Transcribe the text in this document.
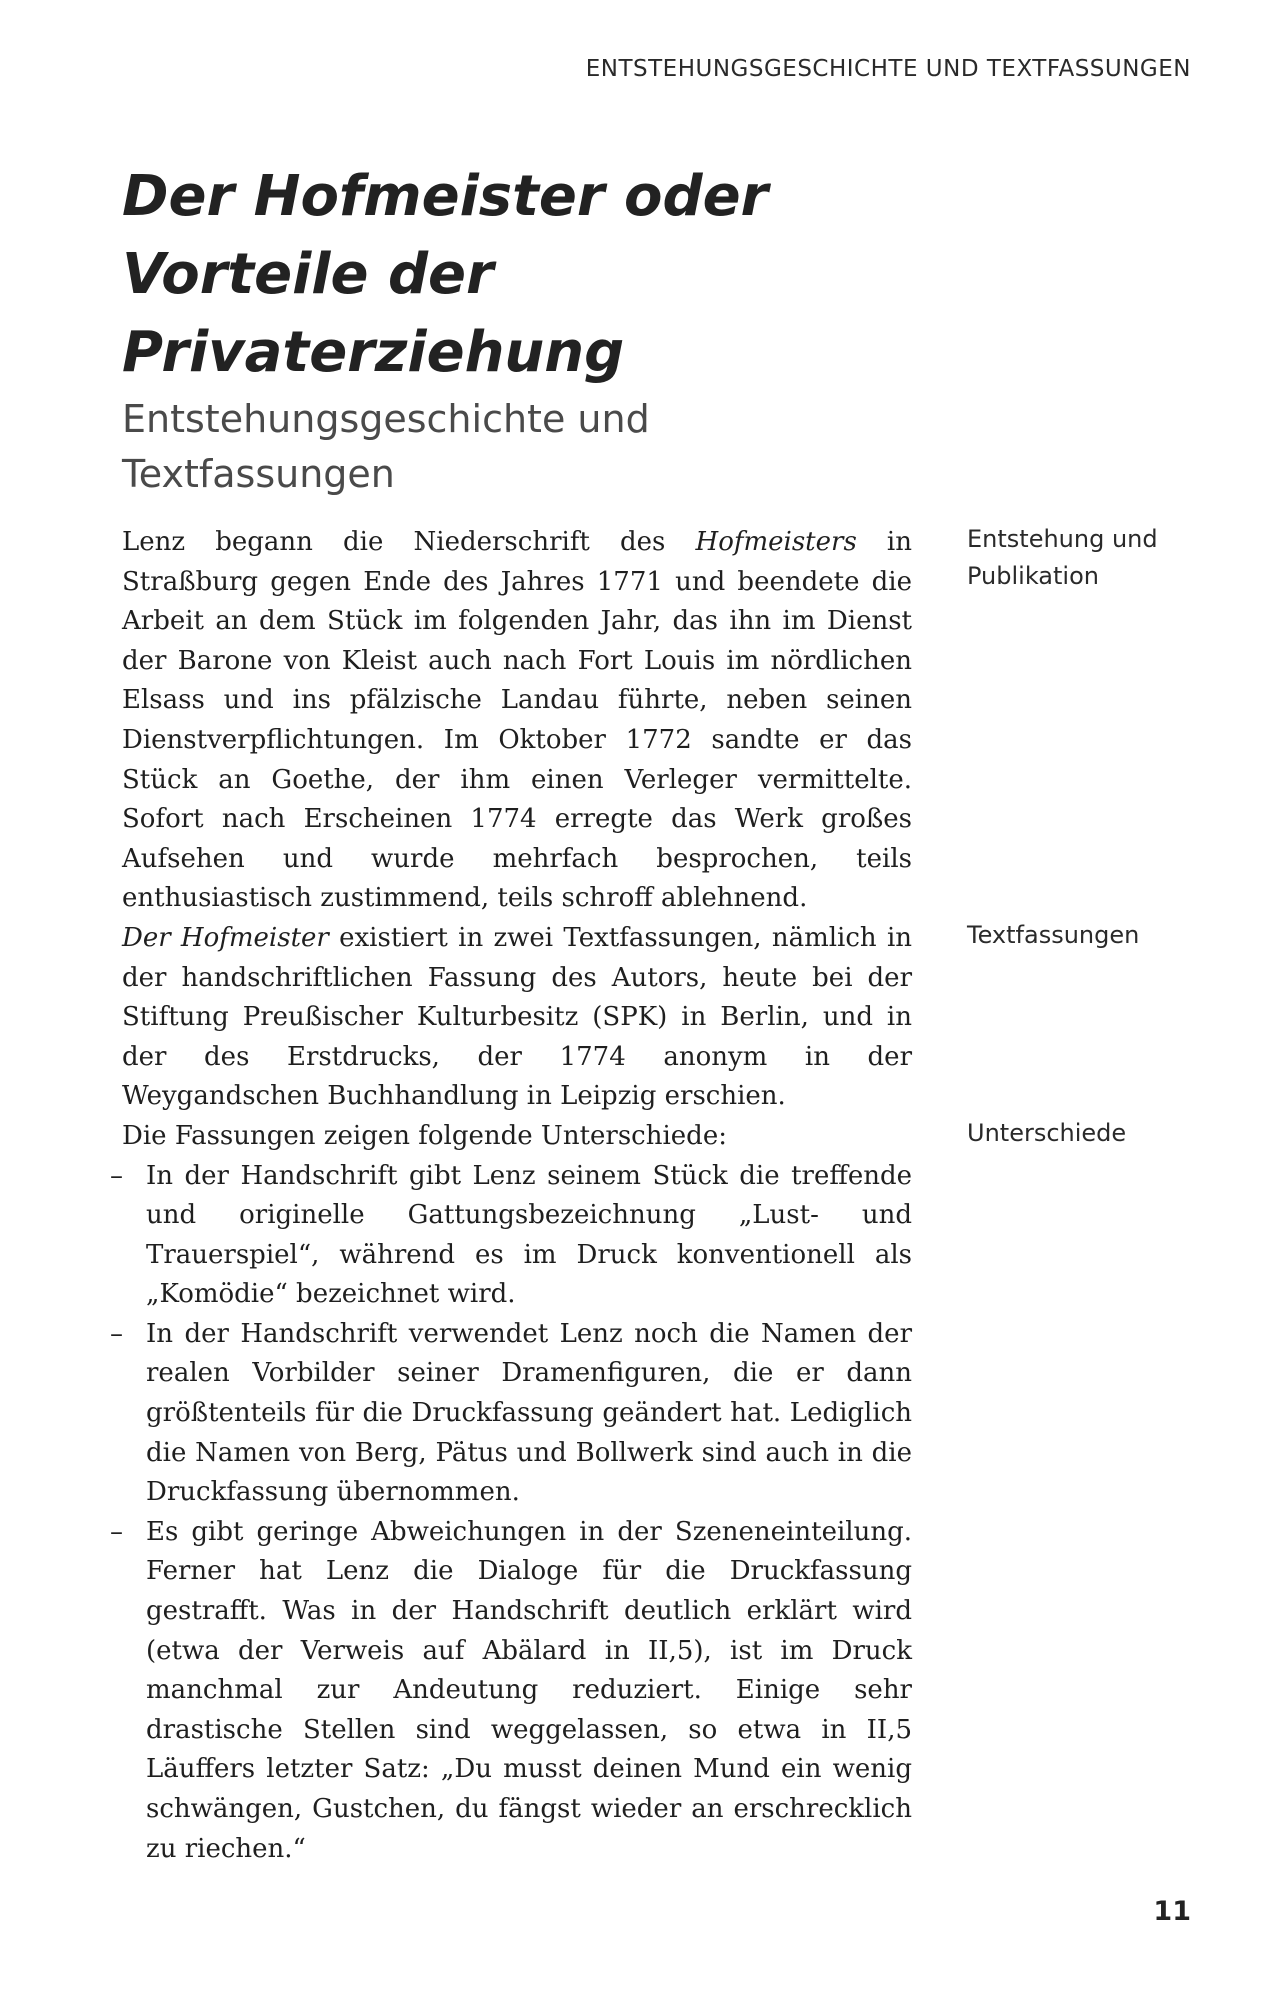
ENTSTEHUNGSGESCHICHTE UND TEXTFASSUNGEN
Der Hofmeister oder Vorteile der Privaterziehung
Entstehungsgeschichte und Textfassungen

Lenz begann die Niederschrift des Hofmeisters in Straßburg gegen Ende des Jahres 1771 und beendete die Arbeit an dem Stück im folgenden Jahr, das ihn im Dienst der Barone von Kleist auch nach Fort Louis im nördlichen Elsass und ins pfälzische Landau führte, neben seinen Dienstverpflichtungen. Im Oktober 1772 sandte er das Stück an Goethe, der ihm einen Verleger vermittelte. Sofort nach Erscheinen 1774 erregte das Werk großes Aufsehen und wurde mehrfach besprochen, teils enthusiastisch zustimmend, teils schroff ablehnend.

Der Hofmeister existiert in zwei Textfassungen, nämlich in der handschriftlichen Fassung des Autors, heute bei der Stiftung Preußischer Kulturbesitz (SPK) in Berlin, und in der des Erstdrucks, der 1774 anonym in der Weygandschen Buchhandlung in Leipzig erschien.

Die Fassungen zeigen folgende Unterschiede:

– In der Handschrift gibt Lenz seinem Stück die treffende und originelle Gattungsbezeichnung „Lust- und Trauerspiel“, während es im Druck konventionell als „Komödie“ bezeichnet wird.
– In der Handschrift verwendet Lenz noch die Namen der realen Vorbilder seiner Dramenfiguren, die er dann größtenteils für die Druckfassung geändert hat. Lediglich die Namen von Berg, Pätus und Bollwerk sind auch in die Druckfassung übernommen.
– Es gibt geringe Abweichungen in der Szeneneinteilung. Ferner hat Lenz die Dialoge für die Druckfassung gestrafft. Was in der Handschrift deutlich erklärt wird (etwa der Verweis auf Abälard in II,5), ist im Druck manchmal zur Andeutung reduziert. Einige sehr drastische Stellen sind weggelassen, so etwa in II,5 Läuffers letzter Satz: „Du musst deinen Mund ein wenig schwängen, Gustchen, du fängst wieder an erschrecklich zu riechen.“
Entstehung und
Publikation
Textfassungen
Unterschiede
11
